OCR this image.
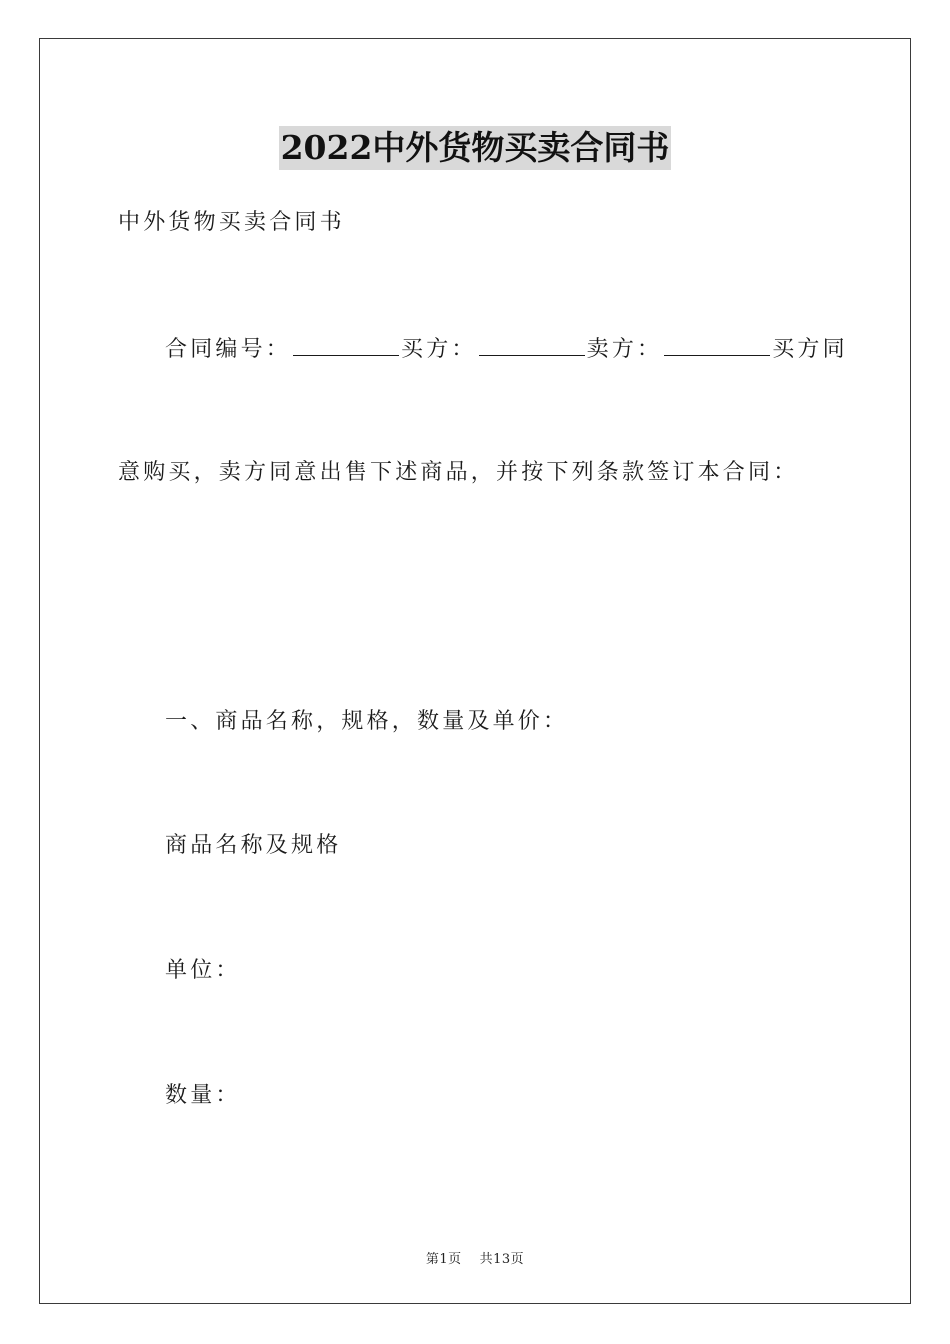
2022中外货物买卖合同书
中外货物买卖合同书
合同编号：	买方：	卖方：	买方同
意购买，卖方同意出售下述商品，并按下列条款签订本合同：
一、商品名称，规格，数量及单价：
商品名称及规格
单位：
数量：
第1页 共13页
